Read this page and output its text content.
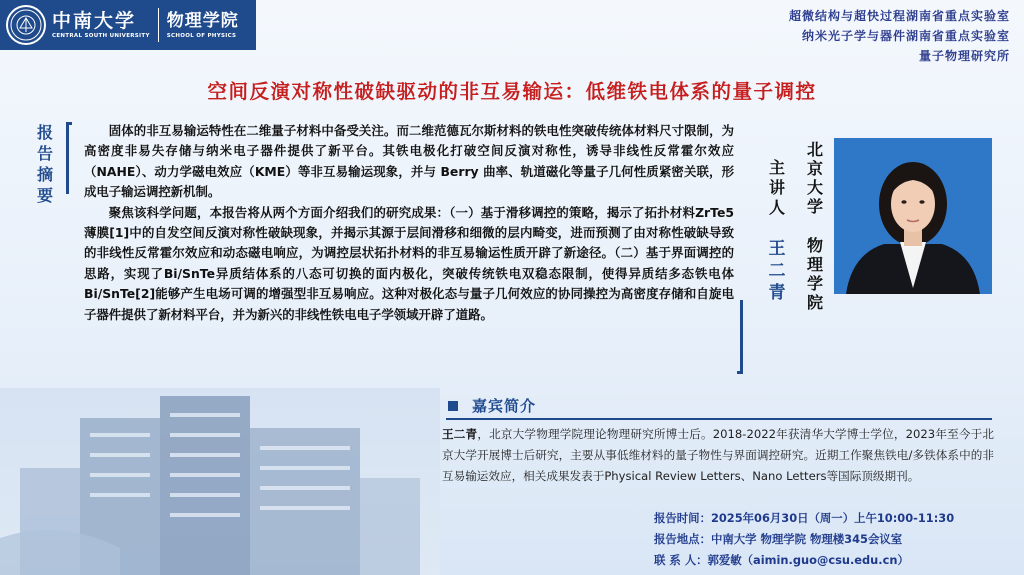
中南大学
CENTRAL SOUTH UNIVERSITY
物理学院
SCHOOL OF PHYSICS
超微结构与超快过程湖南省重点实验室
纳米光子学与器件湖南省重点实验室
量子物理研究所
空间反演对称性破缺驱动的非互易输运：低维铁电体系的量子调控
报
告
摘
要

固体的非互易输运特性在二维量子材料中备受关注。而二维范德瓦尔斯材料的铁电性突破传统体材料尺寸限制，为高密度非易失存储与纳米电子器件提供了新平台。其铁电极化打破空间反演对称性，诱导非线性反常霍尔效应（NAHE）、动力学磁电效应（KME）等非互易输运现象，并与 Berry 曲率、轨道磁化等量子几何性质紧密关联，形成电子输运调控新机制。

聚焦该科学问题，本报告将从两个方面介绍我们的研究成果：（一）基于滑移调控的策略，揭示了拓扑材料ZrTe5薄膜[1]中的自发空间反演对称性破缺现象，并揭示其源于层间滑移和细微的层内畸变，进而预测了由对称性破缺导致的非线性反常霍尔效应和动态磁电响应，为调控层状拓扑材料的非互易输运性质开辟了新途径。（二）基于界面调控的思路，实现了Bi/SnTe异质结体系的八态可切换的面内极化，突破传统铁电双稳态限制，使得异质结多态铁电体Bi/SnTe[2]能够产生电场可调的增强型非互易响应。这种对极化态与量子几何效应的协同操控为高密度存储和自旋电子器件提供了新材料平台，并为新兴的非线性铁电电子学领域开辟了道路。

主
讲
人
王
二
青
北
京
大
学
物
理
学
院
嘉宾简介
王二青，北京大学物理学院理论物理研究所博士后。2018-2022年获清华大学博士学位，2023年至今于北京大学开展博士后研究，主要从事低维材料的量子物性与界面调控研究。近期工作聚焦铁电/多铁体系中的非互易输运效应，相关成果发表于Physical Review Letters、Nano Letters等国际顶级期刊。
报告时间：2025年06月30日（周一）上午10:00-11:30
报告地点：中南大学 物理学院 物理楼345会议室
联 系 人：郭爱敏（aimin.guo@csu.edu.cn）
